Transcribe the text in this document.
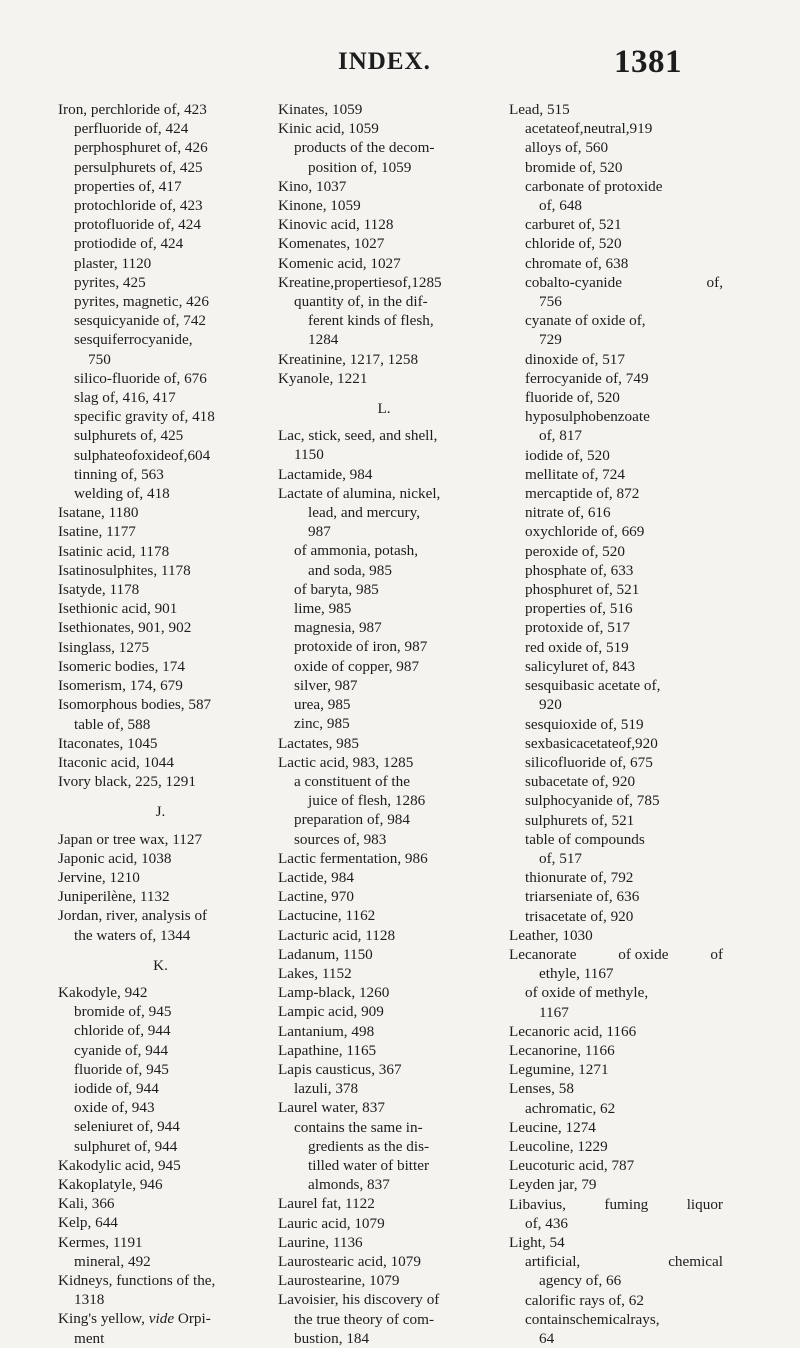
INDEX.	1381
Iron, perchloride of, 423
perfluoride of, 424
perphosphuret of, 426
persulphurets of, 425
properties of, 417
protochloride of, 423
protofluoride of, 424
protiodide of, 424
plaster, 1120
pyrites, 425
pyrites, magnetic, 426
sesquicyanide of, 742
sesquiferrocyanide,
750
silico-fluoride of, 676
slag of, 416, 417
specific gravity of, 418
sulphurets of, 425
sulphateofoxideof,604
tinning of, 563
welding of, 418
Isatane, 1180
Isatine, 1177
Isatinic acid, 1178
Isatinosulphites, 1178
Isatyde, 1178
Isethionic acid, 901
Isethionates, 901, 902
Isinglass, 1275
Isomeric bodies, 174
Isomerism, 174, 679
Isomorphous bodies, 587
table of, 588
Itaconates, 1045
Itaconic acid, 1044
Ivory black, 225, 1291
J.
Japan or tree wax, 1127
Japonic acid, 1038
Jervine, 1210
Juniperilène, 1132
Jordan, river, analysis of
the waters of, 1344
K.
Kakodyle, 942
bromide of, 945
chloride of, 944
cyanide of, 944
fluoride of, 945
iodide of, 944
oxide of, 943
seleniuret of, 944
sulphuret of, 944
Kakodylic acid, 945
Kakoplatyle, 946
Kali, 366
Kelp, 644
Kermes, 1191
mineral, 492
Kidneys, functions of the,
1318
King's yellow, vide Orpi-
ment
Kinates, 1059
Kinic acid, 1059
products of the decom-
position of, 1059
Kino, 1037
Kinone, 1059
Kinovic acid, 1128
Komenates, 1027
Komenic acid, 1027
Kreatine,propertiesof,1285
quantity of, in the dif-
ferent kinds of flesh,
1284
Kreatinine, 1217, 1258
Kyanole, 1221
L.
Lac, stick, seed, and shell,
1150
Lactamide, 984
Lactate of alumina, nickel,
lead, and mercury,
987
of ammonia, potash,
and soda, 985
of baryta, 985
lime, 985
magnesia, 987
protoxide of iron, 987
oxide of copper, 987
silver, 987
urea, 985
zinc, 985
Lactates, 985
Lactic acid, 983, 1285
a constituent of the
juice of flesh, 1286
preparation of, 984
sources of, 983
Lactic fermentation, 986
Lactide, 984
Lactine, 970
Lactucine, 1162
Lacturic acid, 1128
Ladanum, 1150
Lakes, 1152
Lamp-black, 1260
Lampic acid, 909
Lantanium, 498
Lapathine, 1165
Lapis causticus, 367
lazuli, 378
Laurel water, 837
contains the same in-
gredients as the dis-
tilled water of bitter
almonds, 837
Laurel fat, 1122
Lauric acid, 1079
Laurine, 1136
Laurostearic acid, 1079
Laurostearine, 1079
Lavoisier, his discovery of
the true theory of com-
bustion, 184
Lead, 515
acetateof,neutral,919
alloys of, 560
bromide of, 520
carbonate of protoxide
of, 648
carburet of, 521
chloride of, 520
chromate of, 638
cobalto-cyanide	of,
756
cyanate of oxide of,
729
dinoxide of, 517
ferrocyanide of, 749
fluoride of, 520
hyposulphobenzoate
of, 817
iodide of, 520
mellitate of, 724
mercaptide of, 872
nitrate of, 616
oxychloride of, 669
peroxide of, 520
phosphate of, 633
phosphuret of, 521
properties of, 516
protoxide of, 517
red oxide of, 519
salicyluret of, 843
sesquibasic acetate of,
920
sesquioxide of, 519
sexbasicacetateof,920
silicofluoride of, 675
subacetate of, 920
sulphocyanide of, 785
sulphurets of, 521
table of compounds
of, 517
thionurate of, 792
triarseniate of, 636
trisacetate of, 920
Leather, 1030
Lecanorate	of oxide	of
ethyle, 1167
of oxide of methyle,
1167
Lecanoric acid, 1166
Lecanorine, 1166
Legumine, 1271
Lenses, 58
achromatic, 62
Leucine, 1274
Leucoline, 1229
Leucoturic acid, 787
Leyden jar, 79
Libavius,	fuming	liquor
of, 436
Light, 54
artificial,	chemical
agency of, 66
calorific rays of, 62
containschemicalrays,
64
